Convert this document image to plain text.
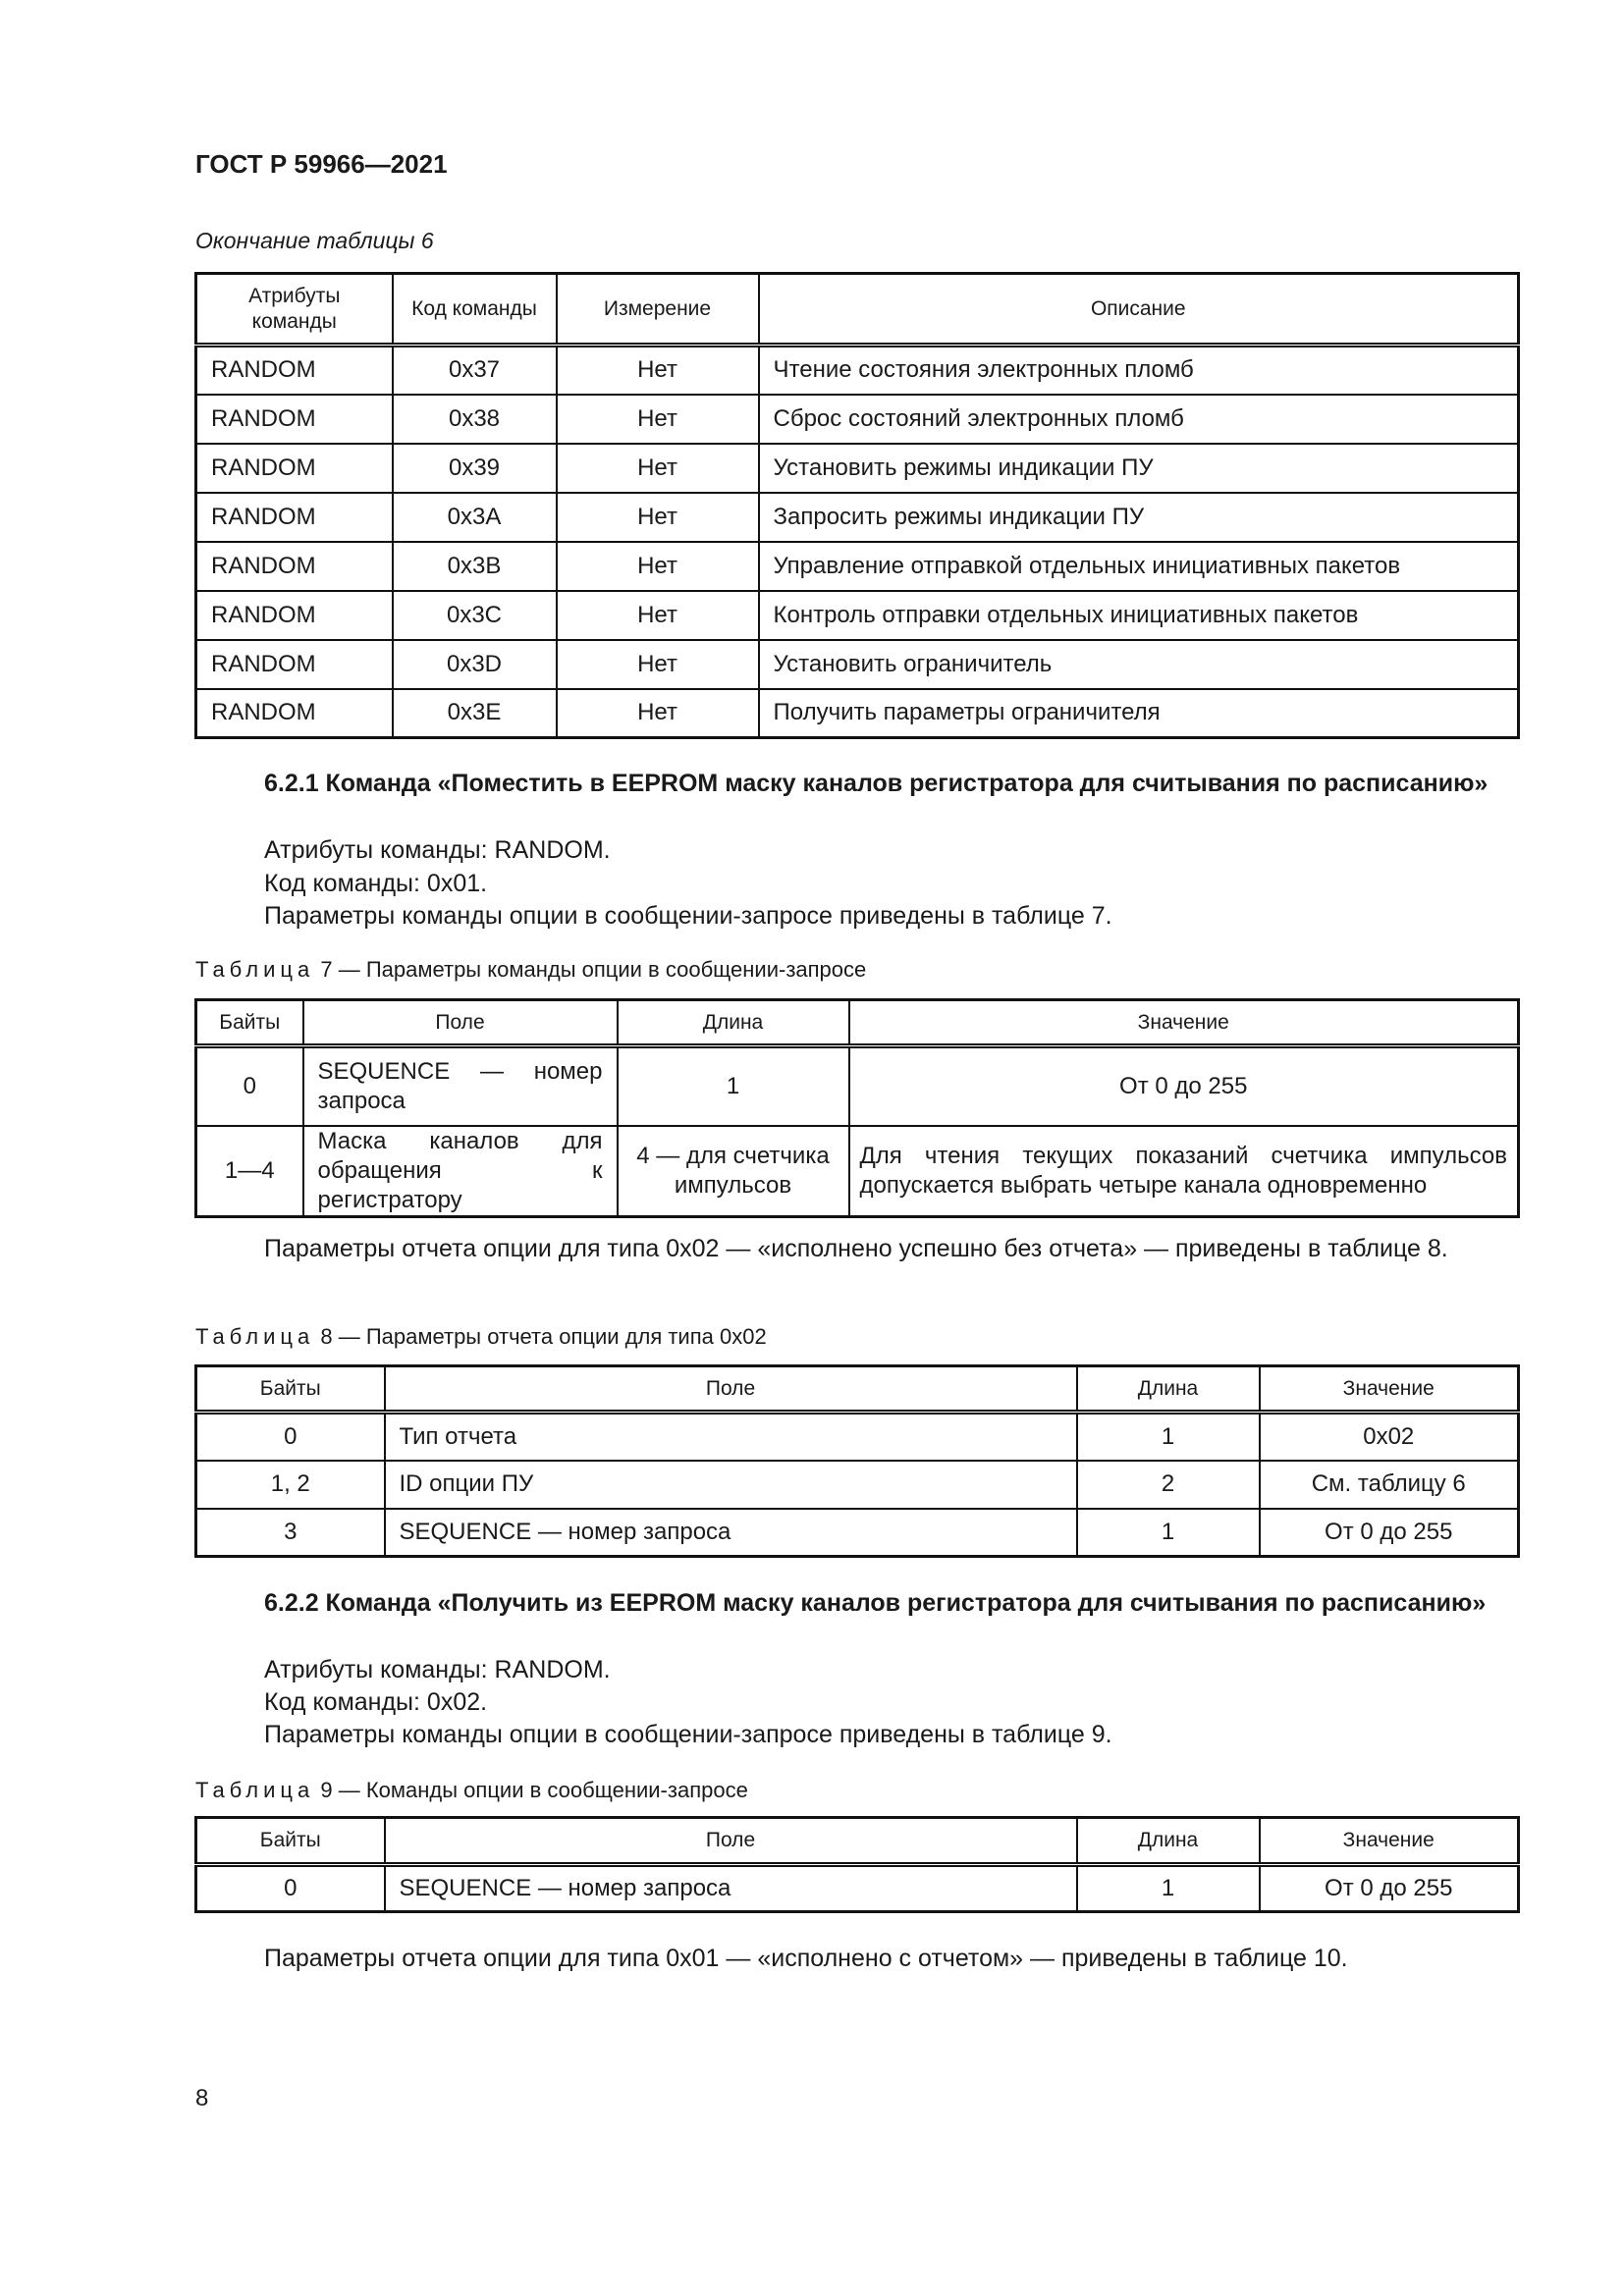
ГОСТ Р 59966—2021
Окончание таблицы 6
Атрибуты команды	Код команды	Измерение	Описание
RANDOM	0x37	Нет	Чтение состояния электронных пломб
RANDOM	0x38	Нет	Сброс состояний электронных пломб
RANDOM	0x39	Нет	Установить режимы индикации ПУ
RANDOM	0x3A	Нет	Запросить режимы индикации ПУ
RANDOM	0x3B	Нет	Управление отправкой отдельных инициативных пакетов
RANDOM	0x3C	Нет	Контроль отправки отдельных инициативных пакетов
RANDOM	0x3D	Нет	Установить ограничитель
RANDOM	0x3E	Нет	Получить параметры ограничителя
6.2.1 Команда «Поместить в EEPROM маску каналов регистратора для считывания по расписанию»
Атрибуты команды: RANDOM.
Код команды: 0x01.
Параметры команды опции в сообщении-запросе приведены в таблице 7.
Таблица 7 — Параметры команды опции в сообщении-запросе
Байты	Поле	Длина	Значение
0	SEQUENCE — номер запроса	1	От 0 до 255
1—4	Маска каналов для обращения к регистратору	4 — для счетчика импульсов	Для чтения текущих показаний счетчика импульсов допускается выбрать четыре канала одновременно
Параметры отчета опции для типа 0x02 — «исполнено успешно без отчета» — приведены в таблице 8.
Таблица 8 — Параметры отчета опции для типа 0x02
Байты	Поле	Длина	Значение
0	Тип отчета	1	0x02
1, 2	ID опции ПУ	2	См. таблицу 6
3	SEQUENCE — номер запроса	1	От 0 до 255
6.2.2 Команда «Получить из EEPROM маску каналов регистратора для считывания по расписанию»
Атрибуты команды: RANDOM.
Код команды: 0x02.
Параметры команды опции в сообщении-запросе приведены в таблице 9.
Таблица 9 — Команды опции в сообщении-запросе
Байты	Поле	Длина	Значение
0	SEQUENCE — номер запроса	1	От 0 до 255
Параметры отчета опции для типа 0x01 — «исполнено с отчетом» — приведены в таблице 10.
8
